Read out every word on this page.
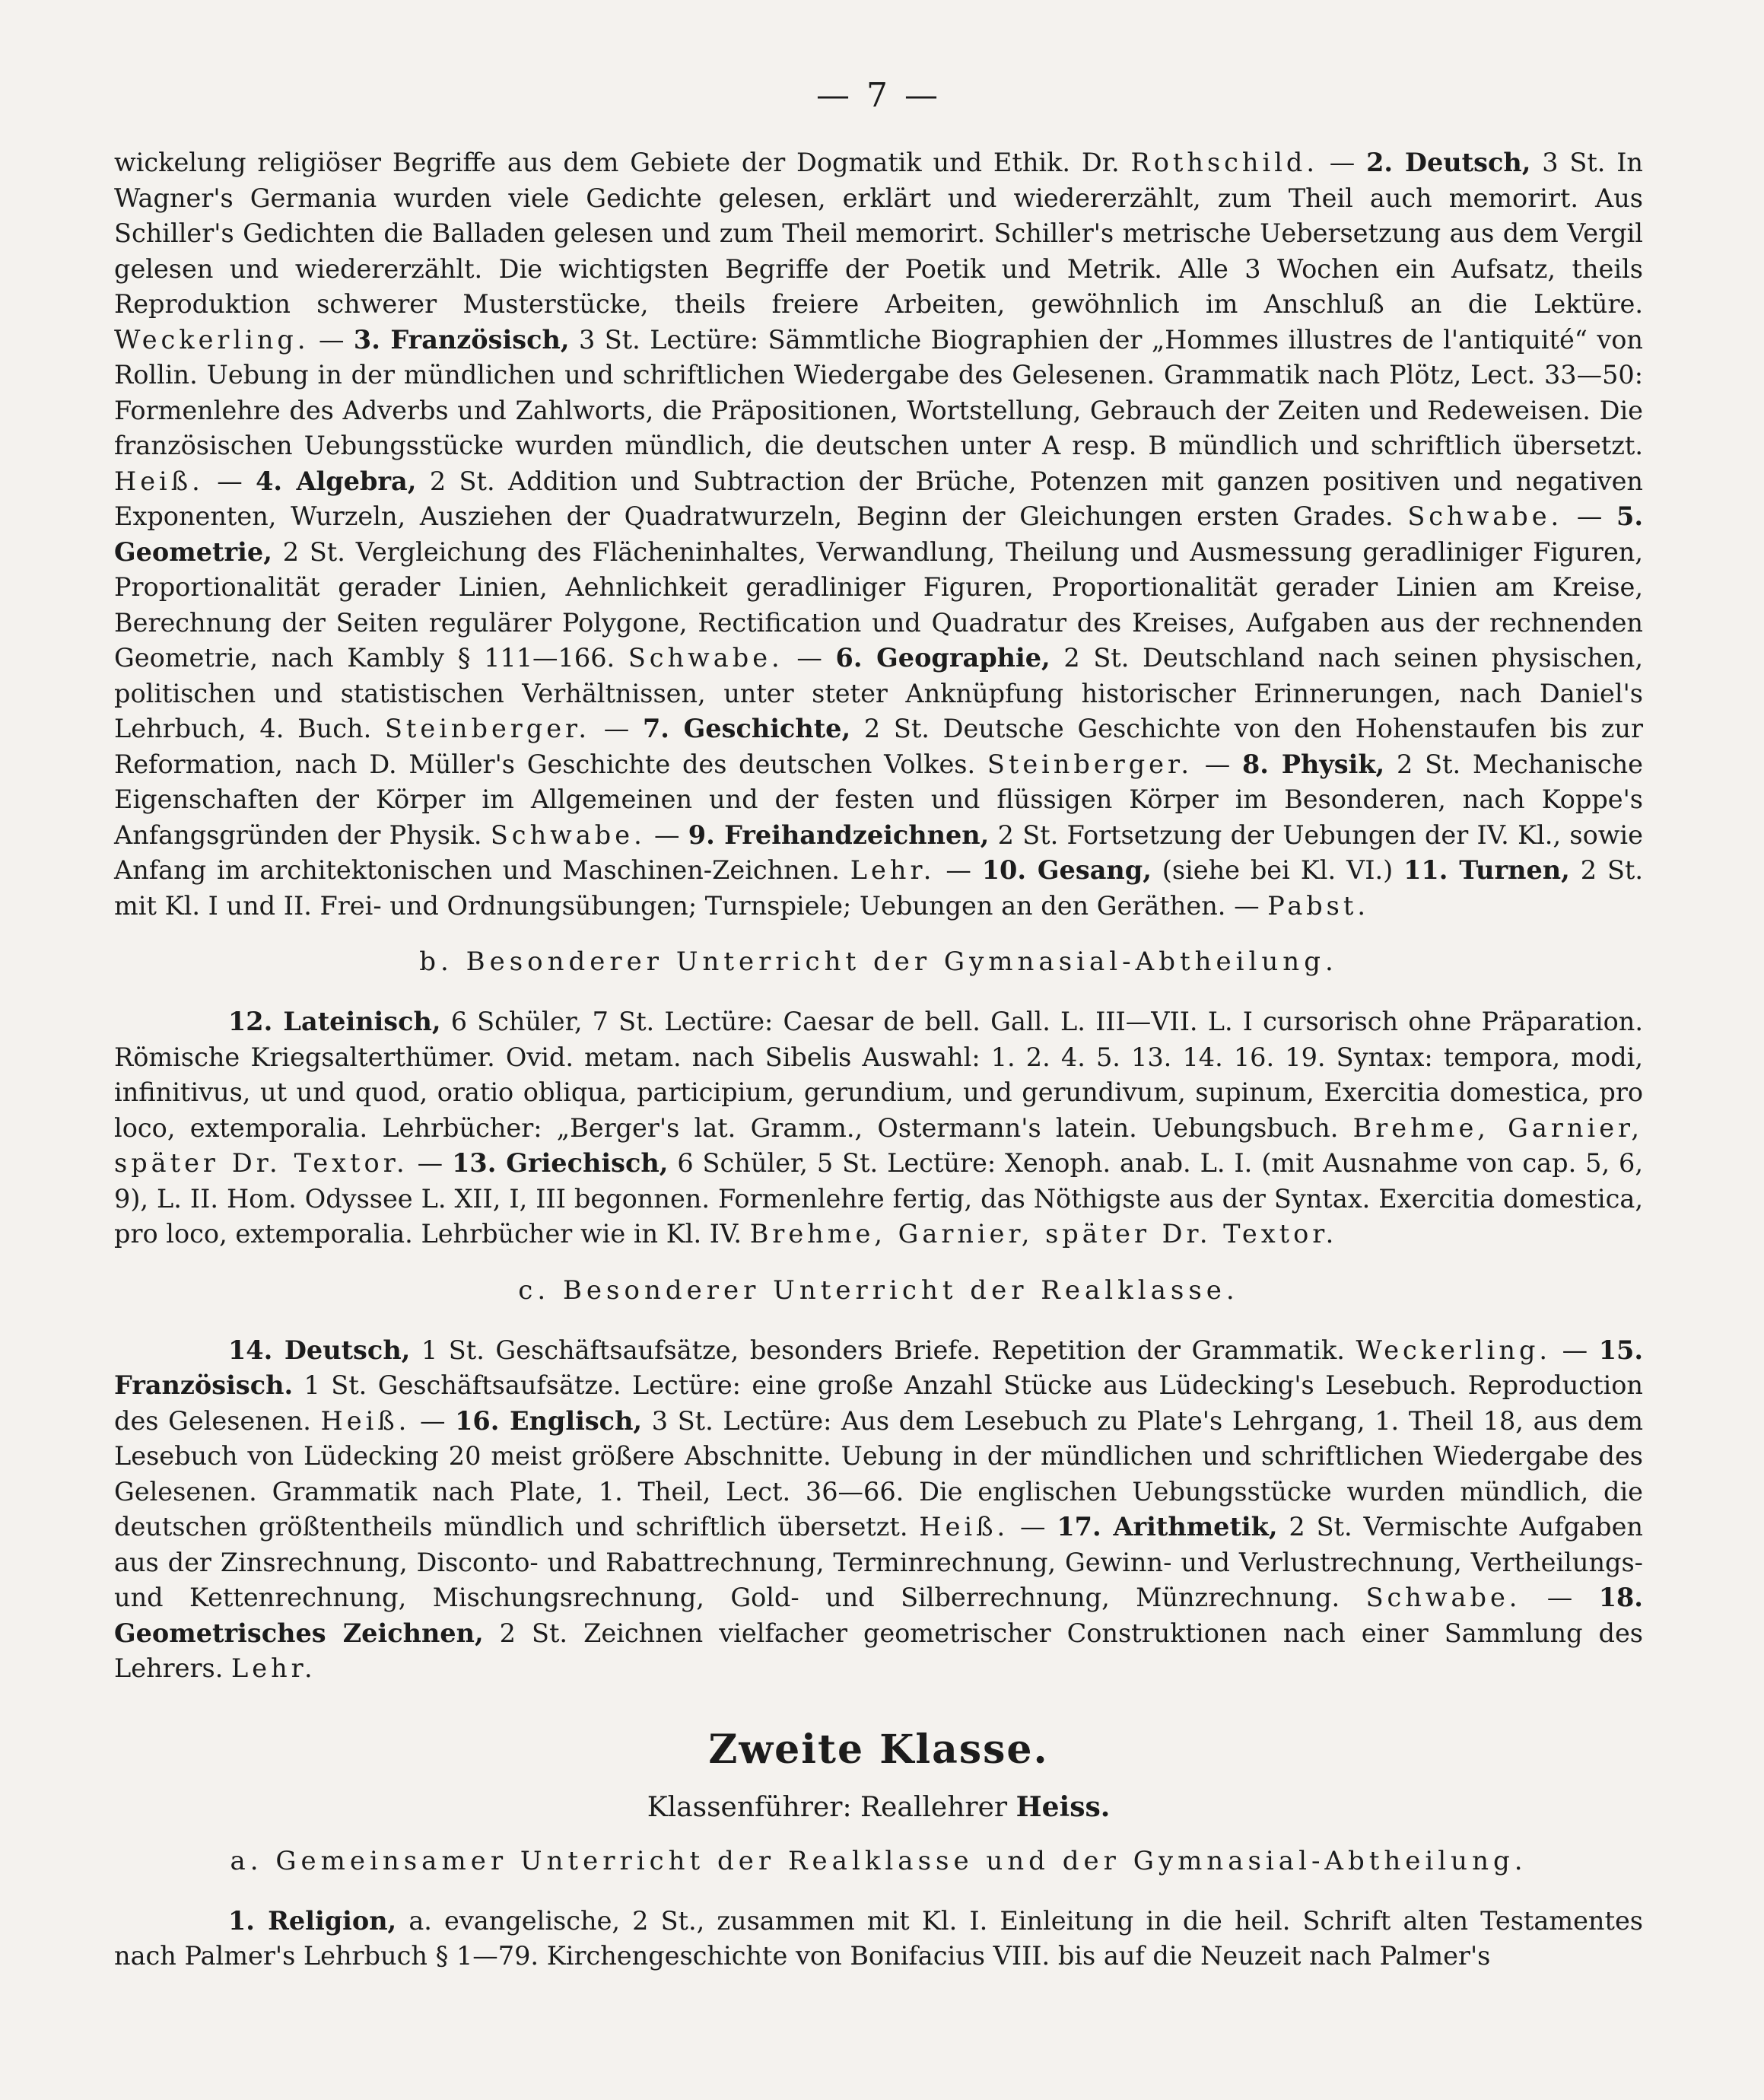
— 7 —

wickelung religiöser Begriffe aus dem Gebiete der Dogmatik und Ethik. Dr. Rothschild. — 2. Deutsch, 3 St. In Wagner's Germania wurden viele Gedichte gelesen, erklärt und wiedererzählt, zum Theil auch memorirt. Aus Schiller's Gedichten die Balladen gelesen und zum Theil memorirt. Schiller's metrische Uebersetzung aus dem Vergil gelesen und wiedererzählt. Die wichtigsten Begriffe der Poetik und Metrik. Alle 3 Wochen ein Aufsatz, theils Reproduktion schwerer Musterstücke, theils freiere Arbeiten, gewöhnlich im Anschluß an die Lektüre. Weckerling. — 3. Französisch, 3 St. Lectüre: Sämmtliche Biographien der „Hommes illustres de l'antiquité“ von Rollin. Uebung in der mündlichen und schriftlichen Wiedergabe des Gelesenen. Grammatik nach Plötz, Lect. 33—50: Formenlehre des Adverbs und Zahlworts, die Präpositionen, Wortstellung, Gebrauch der Zeiten und Redeweisen. Die französischen Uebungsstücke wurden mündlich, die deutschen unter A resp. B mündlich und schriftlich übersetzt. Heiß. — 4. Algebra, 2 St. Addition und Subtraction der Brüche, Potenzen mit ganzen positiven und negativen Exponenten, Wurzeln, Ausziehen der Quadratwurzeln, Beginn der Gleichungen ersten Grades. Schwabe. — 5. Geometrie, 2 St. Vergleichung des Flächeninhaltes, Verwandlung, Theilung und Ausmessung geradliniger Figuren, Proportionalität gerader Linien, Aehnlichkeit geradliniger Figuren, Proportionalität gerader Linien am Kreise, Berechnung der Seiten regulärer Polygone, Rectification und Quadratur des Kreises, Aufgaben aus der rechnenden Geometrie, nach Kambly § 111—166. Schwabe. — 6. Geographie, 2 St. Deutschland nach seinen physischen, politischen und statistischen Verhältnissen, unter steter Anknüpfung historischer Erinnerungen, nach Daniel's Lehrbuch, 4. Buch. Steinberger. — 7. Geschichte, 2 St. Deutsche Geschichte von den Hohenstaufen bis zur Reformation, nach D. Müller's Geschichte des deutschen Volkes. Steinberger. — 8. Physik, 2 St. Mechanische Eigenschaften der Körper im Allgemeinen und der festen und flüssigen Körper im Besonderen, nach Koppe's Anfangsgründen der Physik. Schwabe. — 9. Freihandzeichnen, 2 St. Fortsetzung der Uebungen der IV. Kl., sowie Anfang im architektonischen und Maschinen-Zeichnen. Lehr. — 10. Gesang, (siehe bei Kl. VI.) 11. Turnen, 2 St. mit Kl. I und II. Frei- und Ordnungsübungen; Turnspiele; Uebungen an den Geräthen. — Pabst.

b. Besonderer Unterricht der Gymnasial-Abtheilung.

12. Lateinisch, 6 Schüler, 7 St. Lectüre: Caesar de bell. Gall. L. III—VII. L. I cursorisch ohne Präparation. Römische Kriegsalterthümer. Ovid. metam. nach Sibelis Auswahl: 1. 2. 4. 5. 13. 14. 16. 19. Syntax: tempora, modi, infinitivus, ut und quod, oratio obliqua, participium, gerundium, und gerundivum, supinum, Exercitia domestica, pro loco, extemporalia. Lehrbücher: „Berger's lat. Gramm., Ostermann's latein. Uebungsbuch. Brehme, Garnier, später Dr. Textor. — 13. Griechisch, 6 Schüler, 5 St. Lectüre: Xenoph. anab. L. I. (mit Ausnahme von cap. 5, 6, 9), L. II. Hom. Odyssee L. XII, I, III begonnen. Formenlehre fertig, das Nöthigste aus der Syntax. Exercitia domestica, pro loco, extemporalia. Lehrbücher wie in Kl. IV. Brehme, Garnier, später Dr. Textor.

c. Besonderer Unterricht der Realklasse.

14. Deutsch, 1 St. Geschäftsaufsätze, besonders Briefe. Repetition der Grammatik. Weckerling. — 15. Französisch. 1 St. Geschäftsaufsätze. Lectüre: eine große Anzahl Stücke aus Lüdecking's Lesebuch. Reproduction des Gelesenen. Heiß. — 16. Englisch, 3 St. Lectüre: Aus dem Lesebuch zu Plate's Lehrgang, 1. Theil 18, aus dem Lesebuch von Lüdecking 20 meist größere Abschnitte. Uebung in der mündlichen und schriftlichen Wiedergabe des Gelesenen. Grammatik nach Plate, 1. Theil, Lect. 36—66. Die englischen Uebungsstücke wurden mündlich, die deutschen größtentheils mündlich und schriftlich übersetzt. Heiß. — 17. Arithmetik, 2 St. Vermischte Aufgaben aus der Zinsrechnung, Disconto- und Rabattrechnung, Terminrechnung, Gewinn- und Verlustrechnung, Vertheilungs- und Kettenrechnung, Mischungsrechnung, Gold- und Silberrechnung, Münzrechnung. Schwabe. — 18. Geometrisches Zeichnen, 2 St. Zeichnen vielfacher geometrischer Construktionen nach einer Sammlung des Lehrers. Lehr.

Zweite Klasse.
Klassenführer: Reallehrer Heiss.
a. Gemeinsamer Unterricht der Realklasse und der Gymnasial-Abtheilung.

1. Religion, a. evangelische, 2 St., zusammen mit Kl. I. Einleitung in die heil. Schrift alten Testamentes nach Palmer's Lehrbuch § 1—79. Kirchengeschichte von Bonifacius VIII. bis auf die Neuzeit nach Palmer's
